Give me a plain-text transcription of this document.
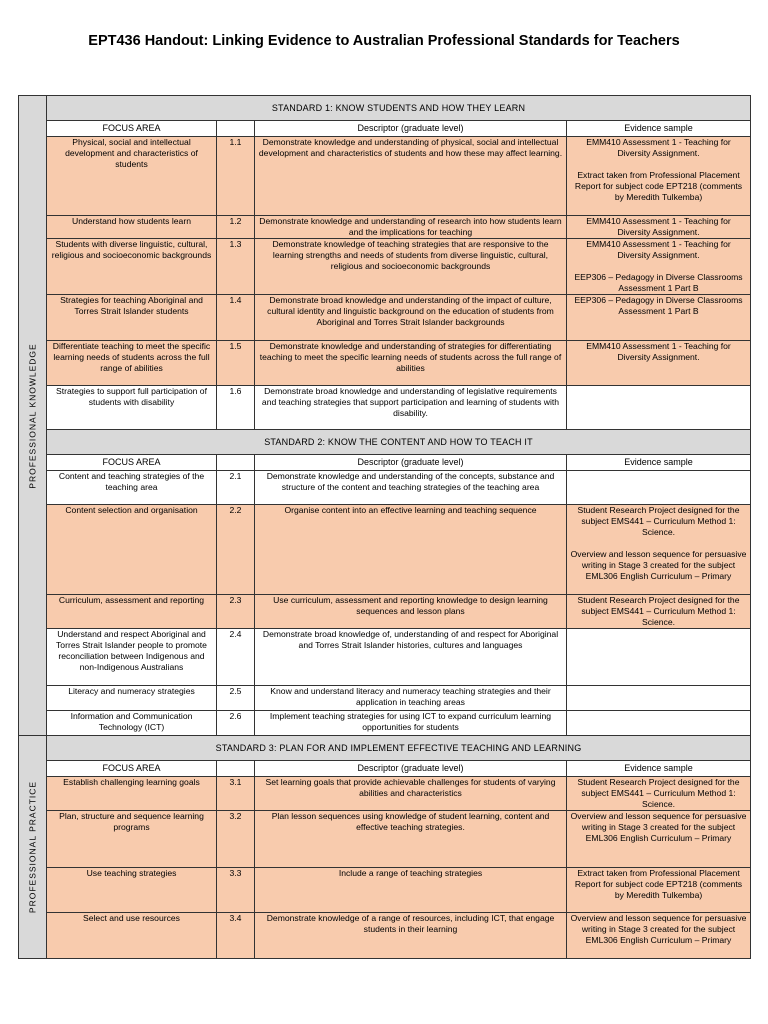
EPT436 Handout: Linking Evidence to Australian Professional Standards for Teachers
PROFESSIONAL KNOWLEDGE	STANDARD 1: KNOW STUDENTS AND HOW THEY LEARN			
	FOCUS AREA		Descriptor (graduate level)	Evidence sample
	Physical, social and intellectual development and characteristics of students	1.1	Demonstrate knowledge and understanding of physical, social and intellectual development and characteristics of students and how these may affect learning.	EMM410 Assessment 1 - Teaching for Diversity Assignment.

Extract taken from Professional Placement Report for subject code EPT218 (comments by Meredith Tulkemba)

	Understand how students learn	1.2	Demonstrate knowledge and understanding of research into how students learn and the implications for teaching	EMM410 Assessment 1 - Teaching for Diversity Assignment.

	Students with diverse linguistic, cultural, religious and socioeconomic backgrounds	1.3	Demonstrate knowledge of teaching strategies that are responsive to the learning strengths and needs of students from diverse linguistic, cultural, religious and socioeconomic backgrounds	EMM410 Assessment 1 - Teaching for Diversity Assignment.

EEP306 – Pedagogy in Diverse Classrooms Assessment 1 Part B

	Strategies for teaching Aboriginal and Torres Strait Islander students	1.4	Demonstrate broad knowledge and understanding of the impact of culture, cultural identity and linguistic background on the education of students from Aboriginal and Torres Strait Islander backgrounds	EEP306 – Pedagogy in Diverse Classrooms Assessment 1 Part B

	Differentiate teaching to meet the specific learning needs of students across the full range of abilities	1.5	Demonstrate knowledge and understanding of strategies for differentiating teaching to meet the specific learning needs of students across the full range of abilities	EMM410 Assessment 1 - Teaching for Diversity Assignment.

	Strategies to support full participation of students with disability	1.6	Demonstrate broad knowledge and understanding of legislative requirements and teaching strategies that support participation and learning of students with disability.	
	STANDARD 2: KNOW THE CONTENT AND HOW TO TEACH IT			
	FOCUS AREA		Descriptor (graduate level)	Evidence sample
	Content and teaching strategies of the teaching area	2.1	Demonstrate knowledge and understanding of the concepts, substance and structure of the content and teaching strategies of the teaching area	
	Content selection and organisation	2.2	Organise content into an effective learning and teaching sequence	Student Research Project designed for the subject EMS441 – Curriculum Method 1: Science.

Overview and lesson sequence for persuasive writing in Stage 3 created for the subject EML306 English Curriculum – Primary

	Curriculum, assessment and reporting	2.3	Use curriculum, assessment and reporting knowledge to design learning sequences and lesson plans	Student Research Project designed for the subject EMS441 – Curriculum Method 1: Science.

	Understand and respect Aboriginal and Torres Strait Islander people to promote reconciliation between Indigenous and non-Indigenous Australians	2.4	Demonstrate broad knowledge of, understanding of and respect for Aboriginal and Torres Strait Islander histories, cultures and languages	
	Literacy and numeracy strategies	2.5	Know and understand literacy and numeracy teaching strategies and their application in teaching areas	
	Information and Communication Technology (ICT)	2.6	Implement teaching strategies for using ICT to expand curriculum learning opportunities for students	

PROFESSIONAL PRACTICE	STANDARD 3: PLAN FOR AND IMPLEMENT EFFECTIVE TEACHING AND LEARNING			
	FOCUS AREA		Descriptor (graduate level)	Evidence sample
	Establish challenging learning goals	3.1	Set learning goals that provide achievable challenges for students of varying abilities and characteristics	Student Research Project designed for the subject EMS441 – Curriculum Method 1: Science.

	Plan, structure and sequence learning programs	3.2	Plan lesson sequences using knowledge of student learning, content and effective teaching strategies.	Overview and lesson sequence for persuasive writing in Stage 3 created for the subject EML306 English Curriculum – Primary

	Use teaching strategies	3.3	Include a range of teaching strategies	Extract taken from Professional Placement Report for subject code EPT218 (comments by Meredith Tulkemba)

	Select and use resources	3.4	Demonstrate knowledge of a range of resources, including ICT, that engage students in their learning	Overview and lesson sequence for persuasive writing in Stage 3 created for the subject EML306 English Curriculum – Primary
